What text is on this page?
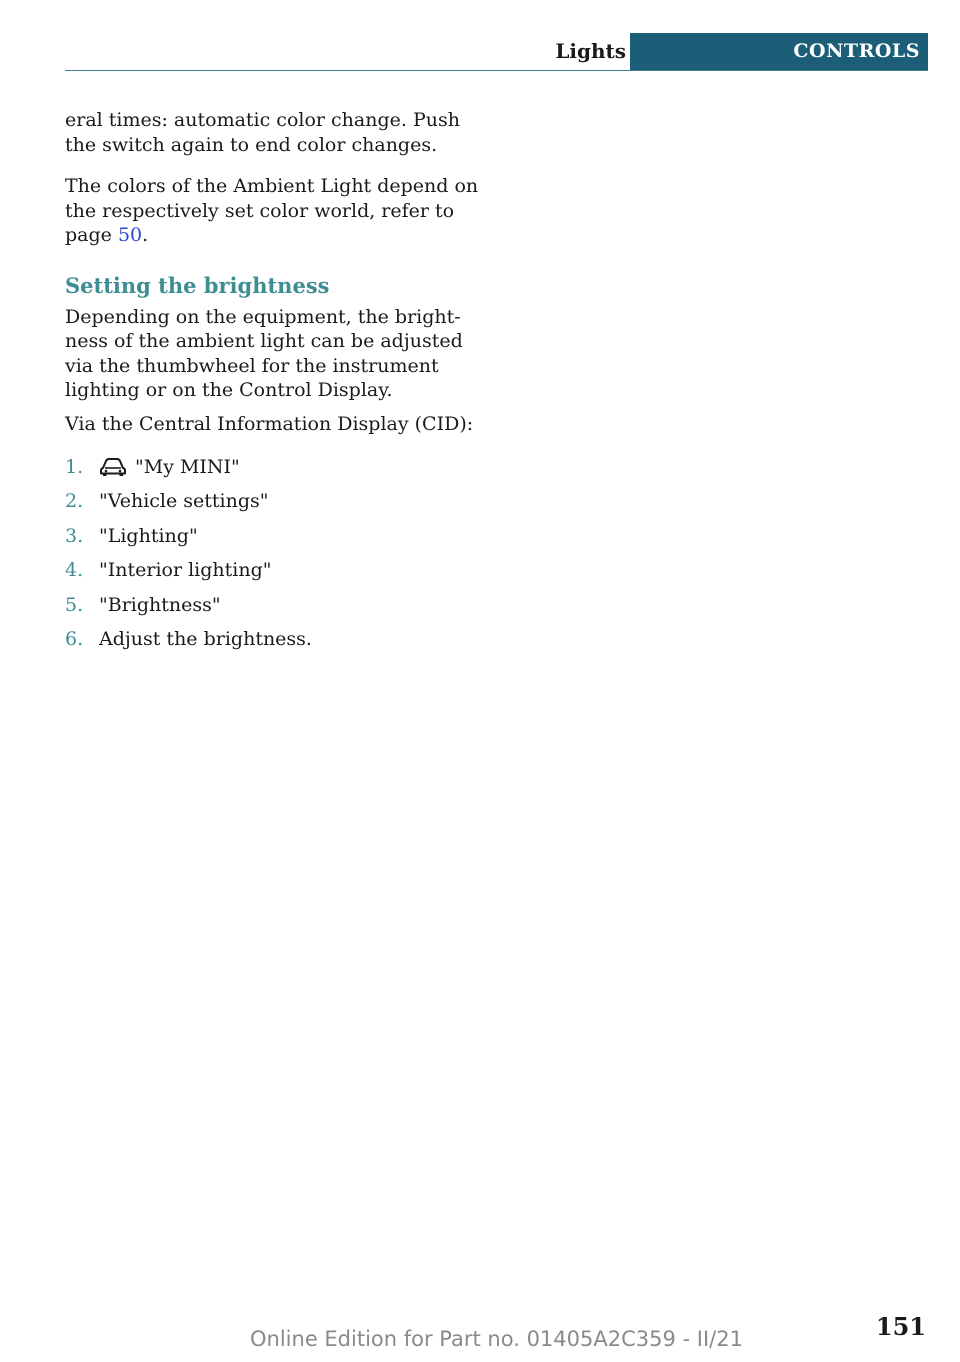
Lights	CONTROLS

eral times: automatic color change. Push the switch again to end color changes.

The colors of the Ambient Light depend on the respectively set color world, refer to page 50.

Setting the brightness

Depending on the equipment, the bright‐ ness of the ambient light can be adjusted via the thumbwheel for the instrument lighting or on the Control Display.

Via the Central Information Display (CID):

1.	"My MINI"
2. "Vehicle settings"
3. "Lighting"
4. "Interior lighting"
5. "Brightness"
6. Adjust the brightness.
Online Edition for Part no. 01405A2C359 - II/21	151
